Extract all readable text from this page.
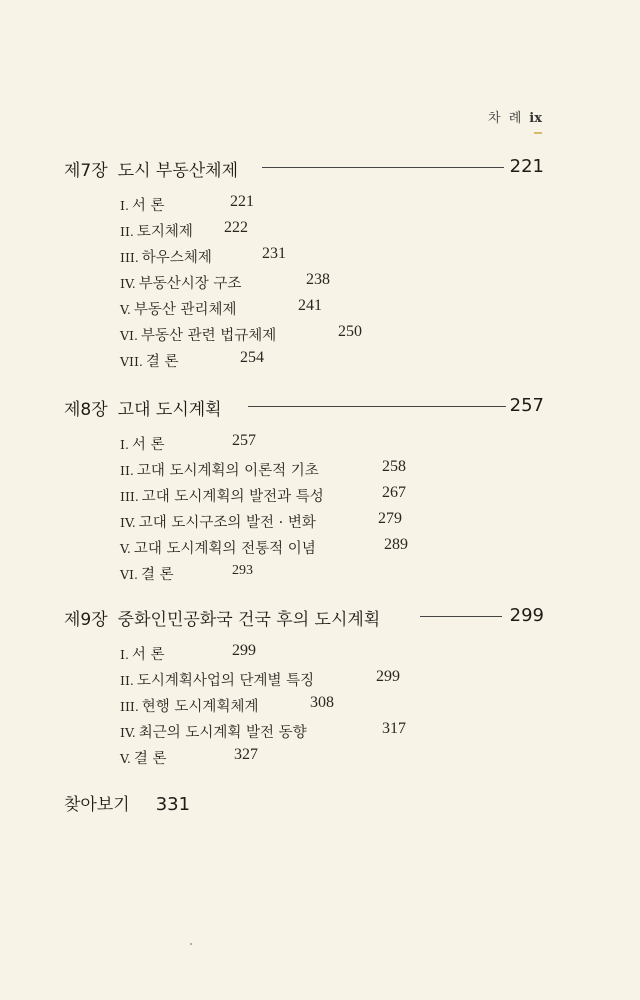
차 례 ix
제7장 도시 부동산체제	221
I. 서 론	221
II. 토지체제 222
III. 하우스체제	231
IV. 부동산시장 구조	238
V. 부동산 관리체제	241
VI. 부동산 관련 법규체제	250
VII. 결 론	254
제8장 고대 도시계획	257
I. 서 론	257
II. 고대 도시계획의 이론적 기초	258
III. 고대 도시계획의 발전과 특성	267
IV. 고대 도시구조의 발전 · 변화	279
V. 고대 도시계획의 전통적 이념	289
VI. 결 론	293
제9장 중화인민공화국 건국 후의 도시계획	299
I. 서 론	299
II. 도시계획사업의 단계별 특징	299
III. 현행 도시계획체계	308
IV. 최근의 도시계획 발전 동향	317
V. 결 론	327
찾아보기 331
